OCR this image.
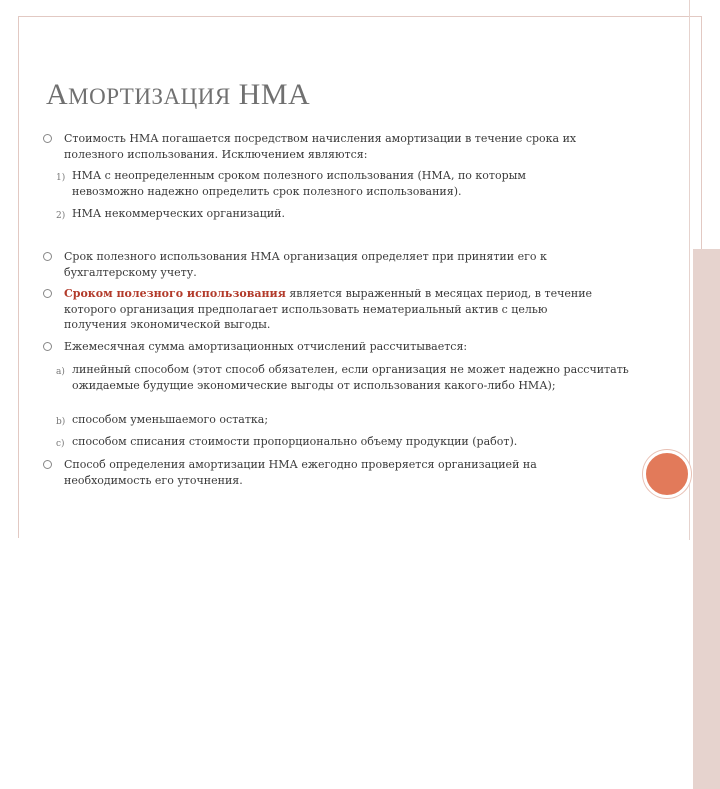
АМОРТИЗАЦИЯ НМА
Стоимость НМА погашается посредством начисления амортизации в течение срока их полезного использования. Исключением являются:
1) НМА с неопределенным сроком полезного использования (НМА, по которым невозможно надежно определить срок полезного использования).
2) НМА некоммерческих организаций.
Срок полезного использования НМА организация определяет при принятии его к бухгалтерскому учету.
Сроком полезного использования является выраженный в месяцах период, в течение которого организация предполагает использовать нематериальный актив с целью получения экономической выгоды.
Ежемесячная сумма амортизационных отчислений рассчитывается:
a) линейный способом (этот способ обязателен, если организация не может надежно рассчитать ожидаемые будущие экономические выгоды от использования какого-либо НМА);
b) способом уменьшаемого остатка;
c) способом списания стоимости пропорционально объему продукции (работ).
Способ определения амортизации НМА ежегодно проверяется организацией на необходимость его уточнения.
